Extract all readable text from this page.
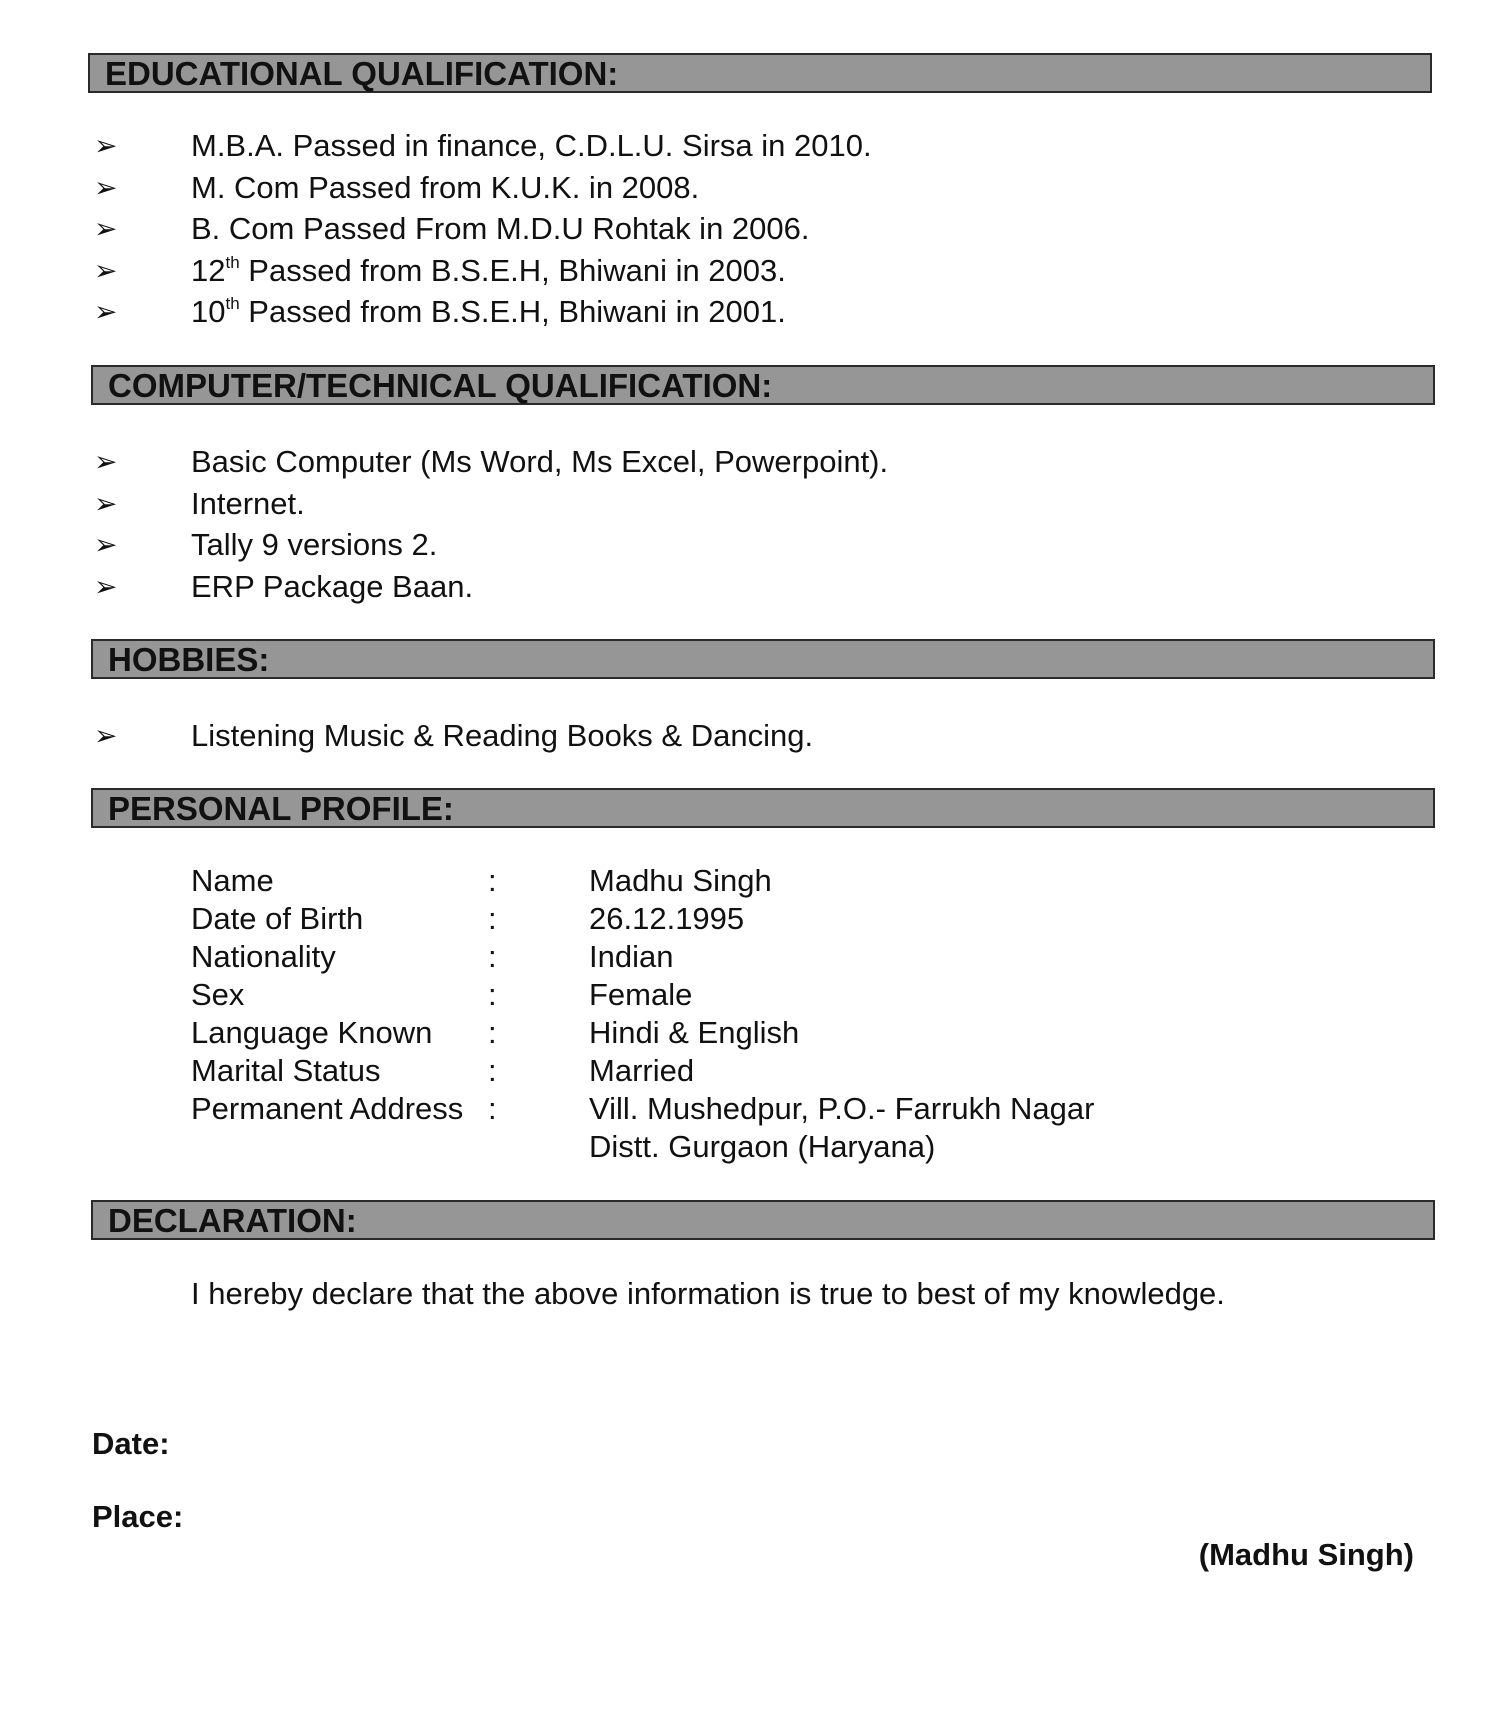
EDUCATIONAL QUALIFICATION:
➢ M.B.A. Passed in finance, C.D.L.U. Sirsa in 2010.
➢ M. Com Passed from K.U.K. in 2008.
➢ B. Com Passed From M.D.U Rohtak in 2006.
➢ 12th Passed from B.S.E.H, Bhiwani in 2003.
➢ 10th Passed from B.S.E.H, Bhiwani in 2001.
COMPUTER/TECHNICAL QUALIFICATION:
➢ Basic Computer (Ms Word, Ms Excel, Powerpoint).
➢ Internet.
➢ Tally 9 versions 2.
➢ ERP Package Baan.
HOBBIES:
➢ Listening Music & Reading Books & Dancing.
PERSONAL PROFILE:
Name	:	Madhu Singh
Date of Birth	:	26.12.1995
Nationality	:	Indian
Sex	:	Female
Language Known :	Hindi & English
Marital Status	:	Married
Permanent Address :	Vill. Mushedpur, P.O.- Farrukh Nagar
Distt. Gurgaon (Haryana)
DECLARATION:
I hereby declare that the above information is true to best of my knowledge.
Date:
Place:
(Madhu Singh)
